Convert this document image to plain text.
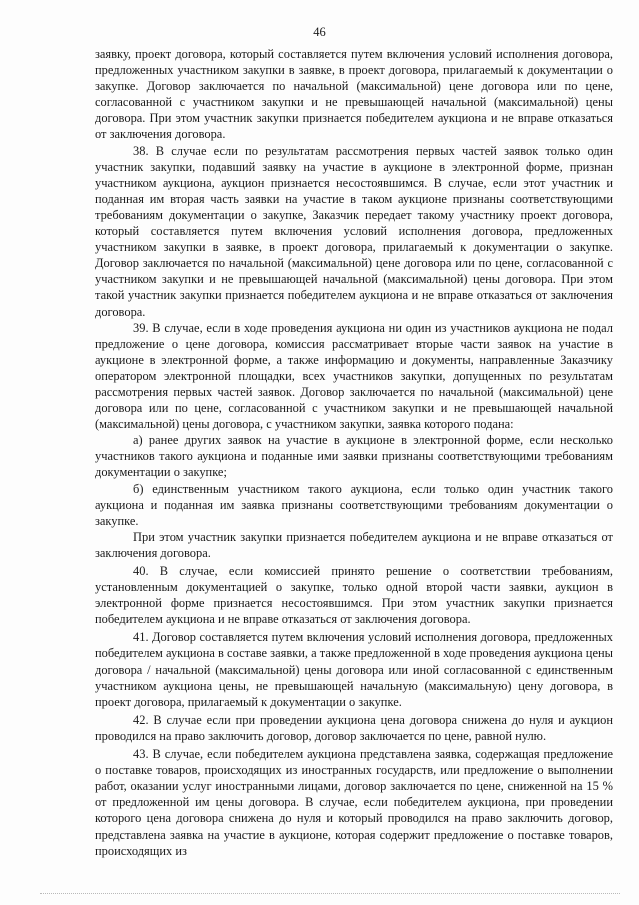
46

заявку, проект договора, который составляется путем включения условий исполнения договора, предложенных участником закупки в заявке, в проект договора, прилагаемый к документации о закупке. Договор заключается по начальной (максимальной) цене договора или по цене, согласованной с участником закупки и не превышающей начальной (максимальной) цены договора. При этом участник закупки признается победителем аукциона и не вправе отказаться от заключения договора.

38. В случае если по результатам рассмотрения первых частей заявок только один участник закупки, подавший заявку на участие в аукционе в электронной форме, признан участником аукциона, аукцион признается несостоявшимся. В случае, если этот участник и поданная им вторая часть заявки на участие в таком аукционе признаны соответствующими требованиям документации о закупке, Заказчик передает такому участнику проект договора, который составляется путем включения условий исполнения договора, предложенных участником закупки в заявке, в проект договора, прилагаемый к документации о закупке. Договор заключается по начальной (максимальной) цене договора или по цене, согласованной с участником закупки и не превышающей начальной (максимальной) цены договора. При этом такой участник закупки признается победителем аукциона и не вправе отказаться от заключения договора.

39. В случае, если в ходе проведения аукциона ни один из участников аукциона не подал предложение о цене договора, комиссия рассматривает вторые части заявок на участие в аукционе в электронной форме, а также информацию и документы, направленные Заказчику оператором электронной площадки, всех участников закупки, допущенных по результатам рассмотрения первых частей заявок. Договор заключается по начальной (максимальной) цене договора или по цене, согласованной с участником закупки и не превышающей начальной (максимальной) цены договора, с участником закупки, заявка которого подана:

а) ранее других заявок на участие в аукционе в электронной форме, если несколько участников такого аукциона и поданные ими заявки признаны соответствующими требованиям документации о закупке;

б) единственным участником такого аукциона, если только один участник такого аукциона и поданная им заявка признаны соответствующими требованиям документации о закупке.

При этом участник закупки признается победителем аукциона и не вправе отказаться от заключения договора.

40. В случае, если комиссией принято решение о соответствии требованиям, установленным документацией о закупке, только одной второй части заявки, аукцион в электронной форме признается несостоявшимся. При этом участник закупки признается победителем аукциона и не вправе отказаться от заключения договора.

41. Договор составляется путем включения условий исполнения договора, предложенных победителем аукциона в составе заявки, а также предложенной в ходе проведения аукциона цены договора / начальной (максимальной) цены договора или иной согласованной с единственным участником аукциона цены, не превышающей начальную (максимальную) цену договора, в проект договора, прилагаемый к документации о закупке.

42. В случае если при проведении аукциона цена договора снижена до нуля и аукцион проводился на право заключить договор, договор заключается по цене, равной нулю.

43. В случае, если победителем аукциона представлена заявка, содержащая предложение о поставке товаров, происходящих из иностранных государств, или предложение о выполнении работ, оказании услуг иностранными лицами, договор заключается по цене, сниженной на 15 % от предложенной им цены договора. В случае, если победителем аукциона, при проведении которого цена договора снижена до нуля и который проводился на право заключить договор, представлена заявка на участие в аукционе, которая содержит предложение о поставке товаров, происходящих из
